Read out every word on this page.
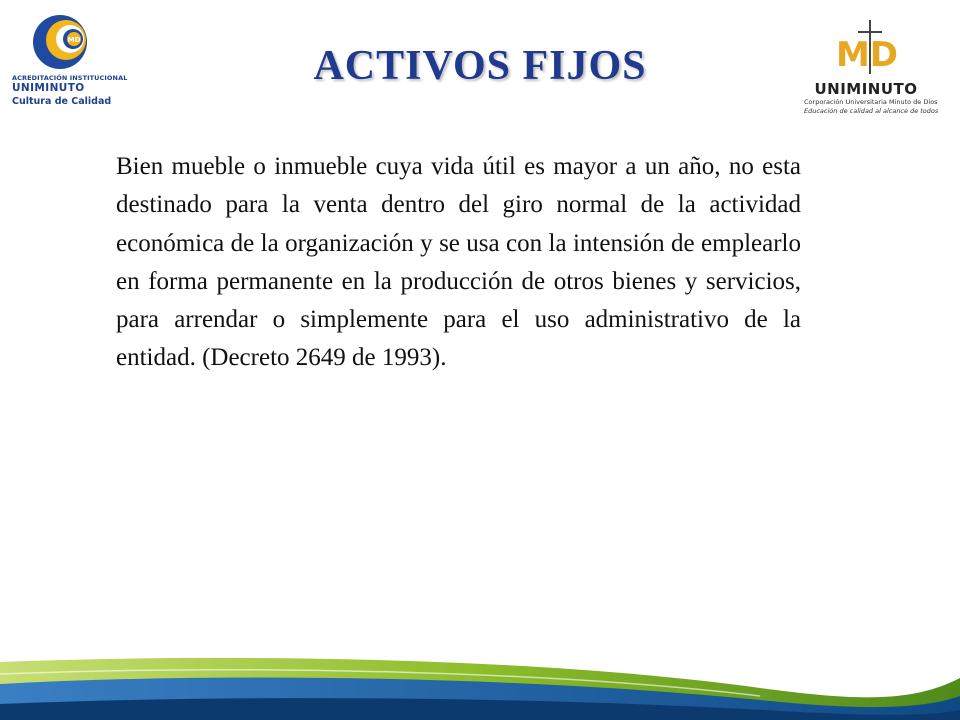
MD
ACREDITACIÓN INSTITUCIONAL
UNIMINUTO
Cultura de Calidad
ACTIVOS FIJOS	MD
UNIMINUTO
Corporación Universitaria Minuto de Dios
Educación de calidad al alcance de todos

Bien mueble o inmueble cuya vida útil es mayor a un año, no esta destinado para la venta dentro del giro normal de la actividad económica de la organización y se usa con la intensión de emplearlo en forma permanente en la producción de otros bienes y servicios, para arrendar o simplemente para el uso administrativo de la entidad. (Decreto 2649 de 1993).
